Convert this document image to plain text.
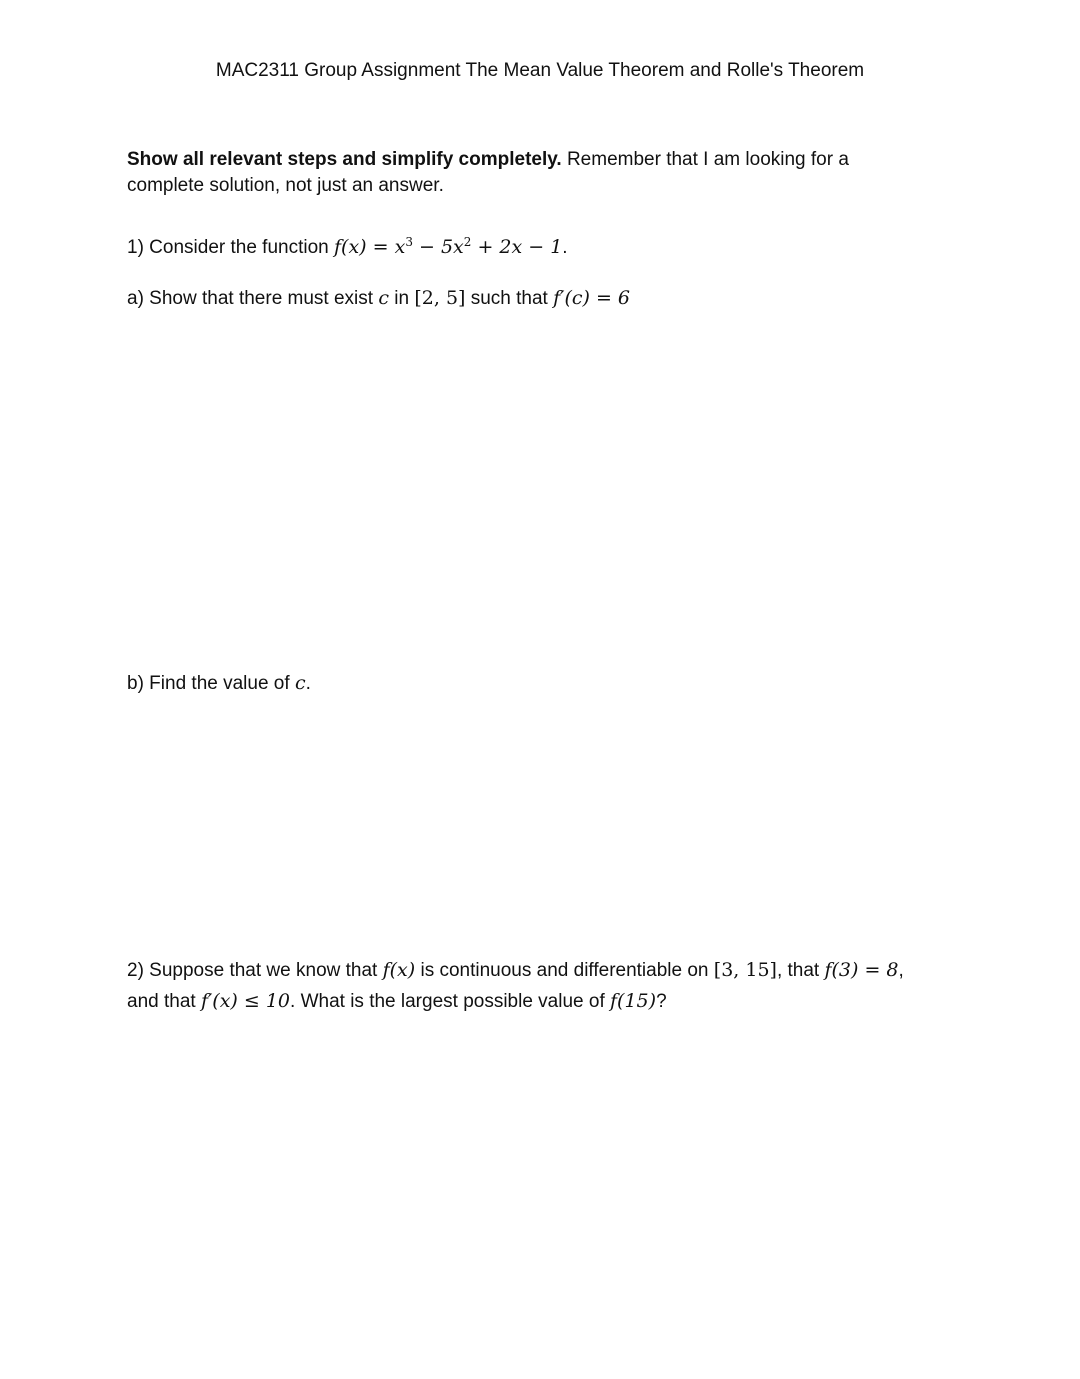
MAC2311 Group Assignment The Mean Value Theorem and Rolle's Theorem
Show all relevant steps and simplify completely. Remember that I am looking for a
complete solution, not just an answer.
1) Consider the function $f(x) = x^3 - 5x^2 + 2x - 1$.
a) Show that there must exist c in [2, 5] such that f′(c) = 6
b) Find the value of c.
2) Suppose that we know that f(x) is continuous and differentiable on [3, 15], that f(3) = 8,
and that f′(x) ≤ 10. What is the largest possible value of f(15)?
